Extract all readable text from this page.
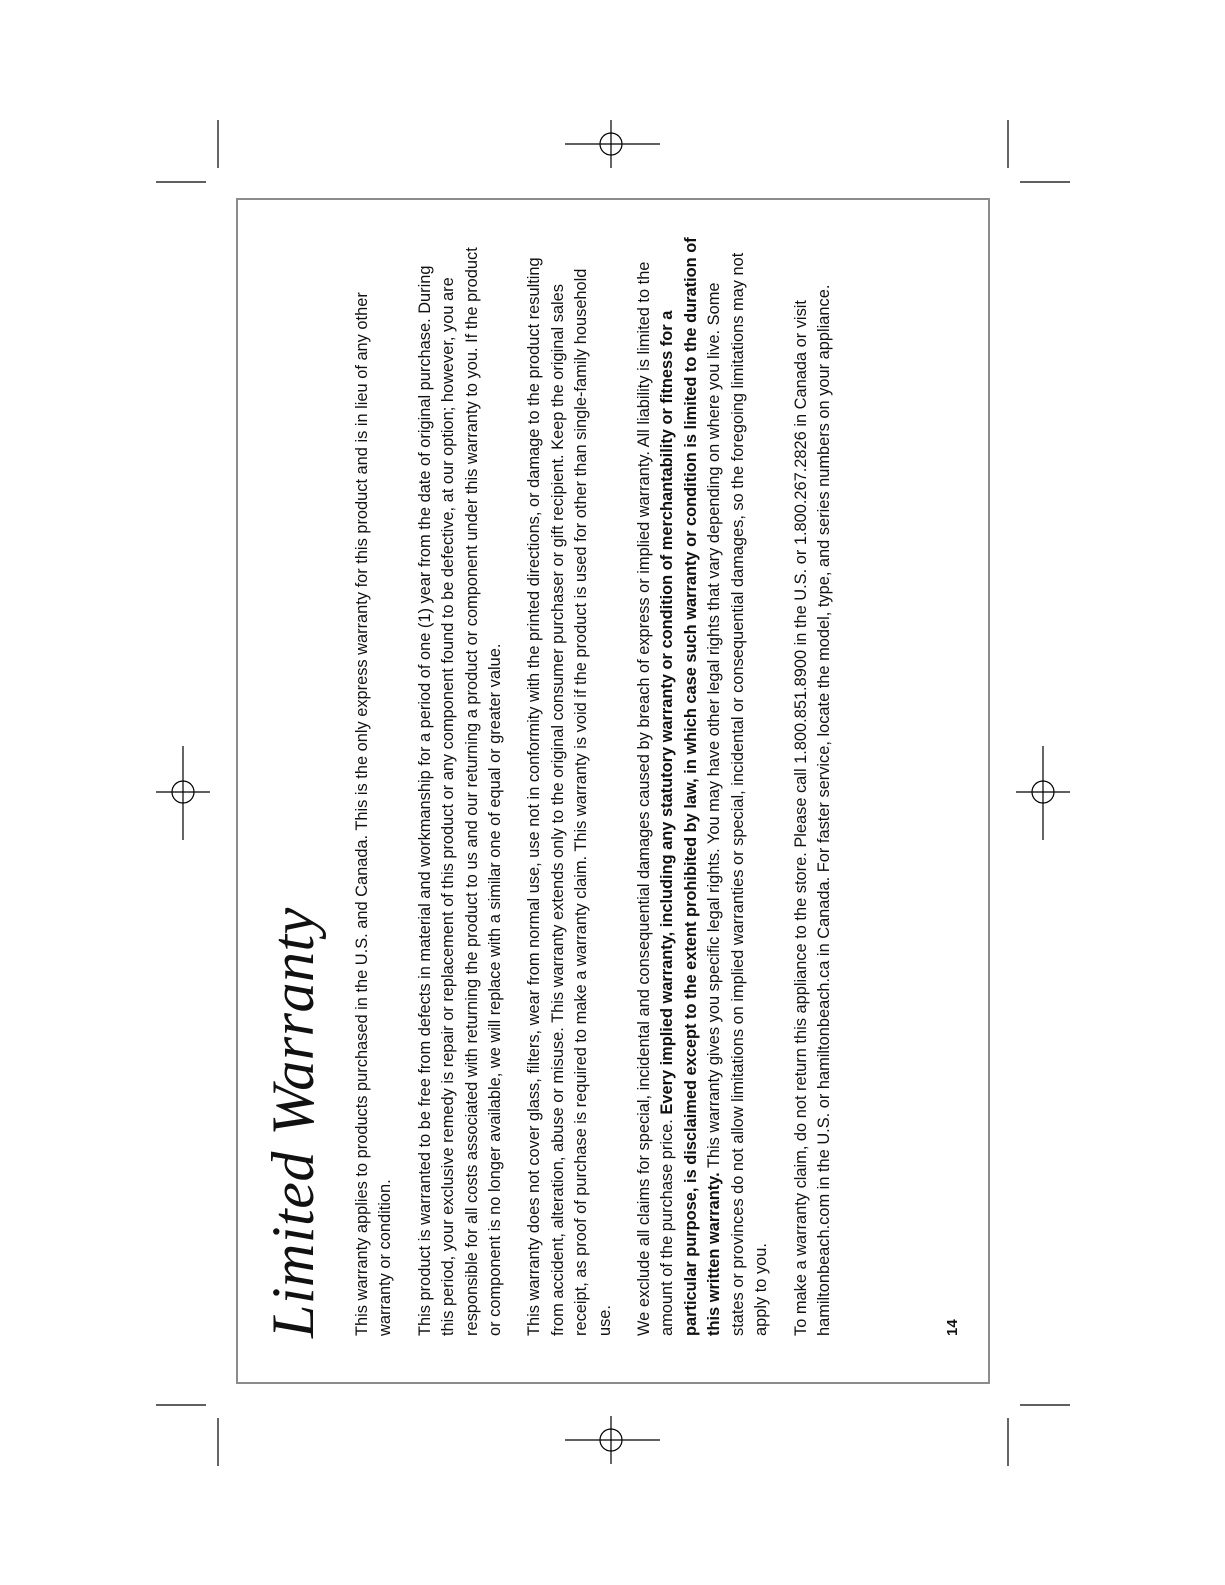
Limited Warranty This warranty applies to products purchased in the U.S. and Canada. This is the only express warranty for this product and is in lieu of any other warranty or condition. This product is warranted to be free from defects in material and workmanship for a period of one (1) year from the date of original purchase. During this period, your exclusive remedy is repair or replacement of this product or any component found to be defective, at our option; however, you are responsible for all costs associated with returning the product to us and our returning a product or component under this warranty to you. If the product or component is no longer available, we will replace with a similar one of equal or greater value. This warranty does not cover glass, filters, wear from normal use, use not in conformity with the printed directions, or damage to the product resulting from accident, alteration, abuse or misuse. This warranty extends only to the original consumer purchaser or gift recipient. Keep the original sales receipt, as proof of purchase is required to make a warranty claim. This warranty is void if the product is used for other than single-family household use. We exclude all claims for special, incidental and consequential damages caused by breach of express or implied warranty. All liability is limited to the amount of the purchase price. Every implied warranty, including any statutory warranty or condition of merchantability or fitness for a particular purpose, is disclaimed except to the extent prohibited by law, in which case such warranty or condition is limited to the duration of this written warranty. This warranty gives you specific legal rights. You may have other legal rights that vary depending on where you live. Some states or provinces do not allow limitations on implied warranties or special, incidental or consequential damages, so the foregoing limitations may not apply to you. To make a warranty claim, do not return this appliance to the store. Please call 1.800.851.8900 in the U.S. or 1.800.267.2826 in Canada or visit hamiltonbeach.com in the U.S. or hamiltonbeach.ca in Canada. For faster service, locate the model, type, and series numbers on your appliance.	14
